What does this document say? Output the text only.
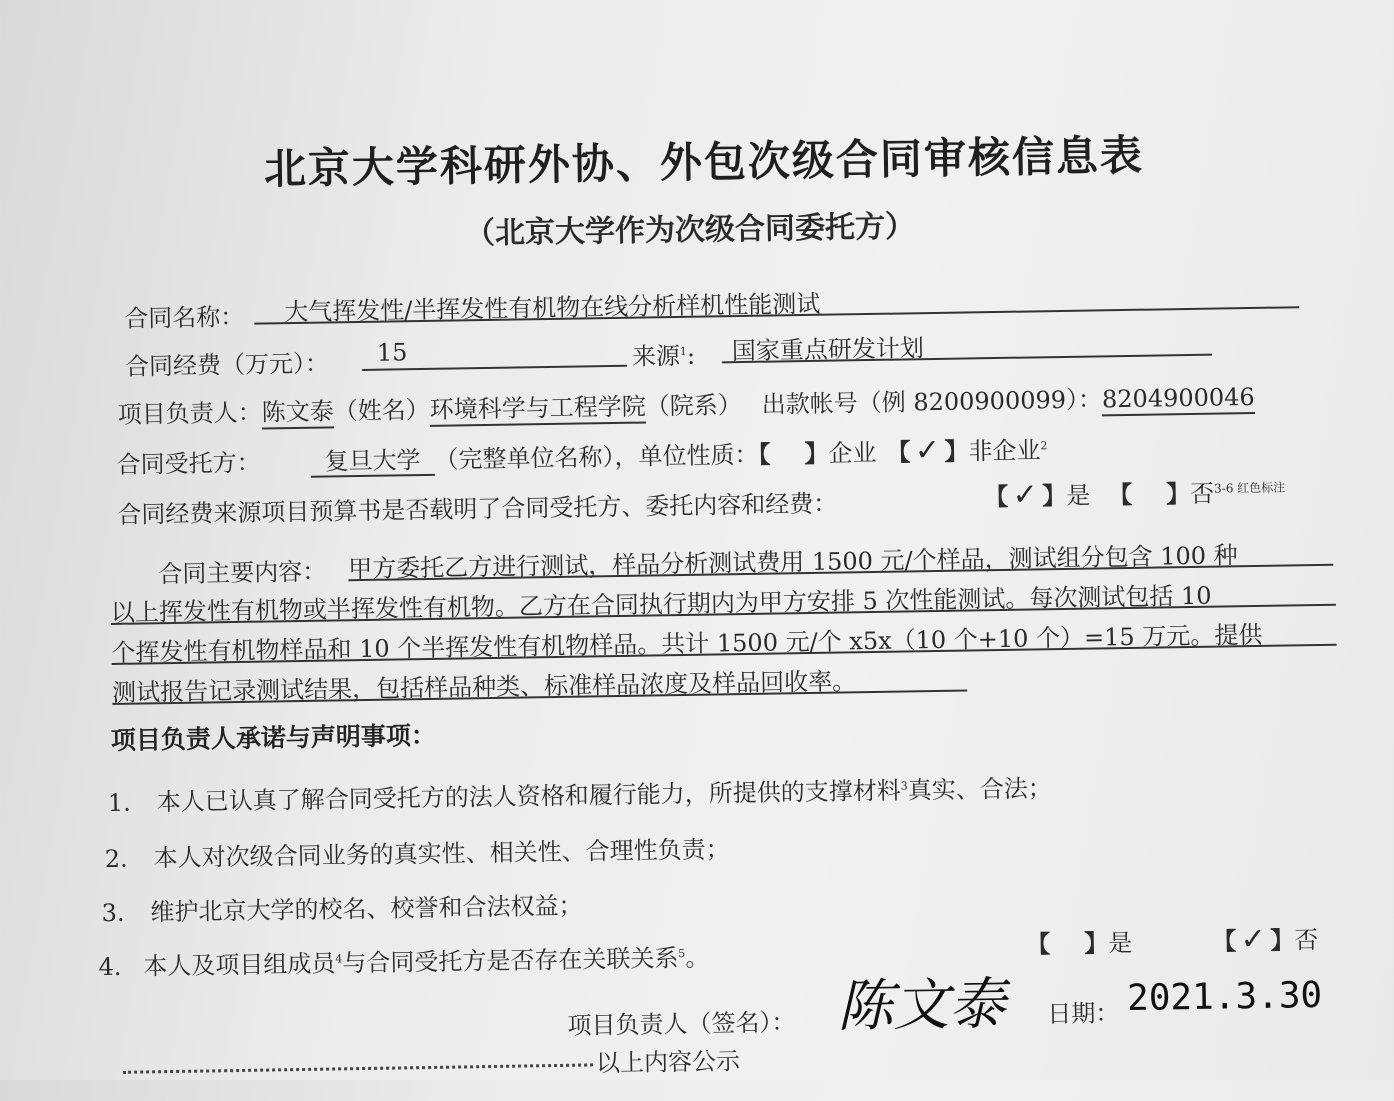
北京大学科研外协、外包次级合同审核信息表
（北京大学作为次级合同委托方）
合同名称： 大气挥发性/半挥发性有机物在线分析样机性能测试
合同经费（万元）： 15	来源$^1$: 国家重点研发计划
项目负责人：陈文泰（姓名）环境科学与工程学院（院系） 出款帐号（例 8200900099）：8204900046
合同受托方：	复旦大学 （完整单位名称），单位性质：【 】企业 【 ✓ 】非企业$^2$
合同经费来源项目预算书是否载明了合同受托方、委托内容和经费：	【 ✓ 】是 【 】否$^{3-6 红色标注}$
合同主要内容： 甲方委托乙方进行测试，样品分析测试费用 1500 元/个样品，测试组分包含 100 种
以上挥发性有机物或半挥发性有机物。乙方在合同执行期内为甲方安排 5 次性能测试。每次测试包括 10
个挥发性有机物样品和 10 个半挥发性有机物样品。共计 1500 元/个 x5x（10 个+10 个）=15 万元。提供
测试报告记录测试结果，包括样品种类、标准样品浓度及样品回收率。
项目负责人承诺与声明事项：
1. 本人已认真了解合同受托方的法人资格和履行能力，所提供的支撑材料$^3$真实、合法；
2. 本人对次级合同业务的真实性、相关性、合理性负责；
3. 维护北京大学的校名、校誉和合法权益；
4. 本人及项目组成员$^4$与合同受托方是否存在关联关系$^5$。	【 】是	【 ✓ 】否
项目负责人（签名）： 陈文泰 日期： 2021.3.30
以上内容公示
